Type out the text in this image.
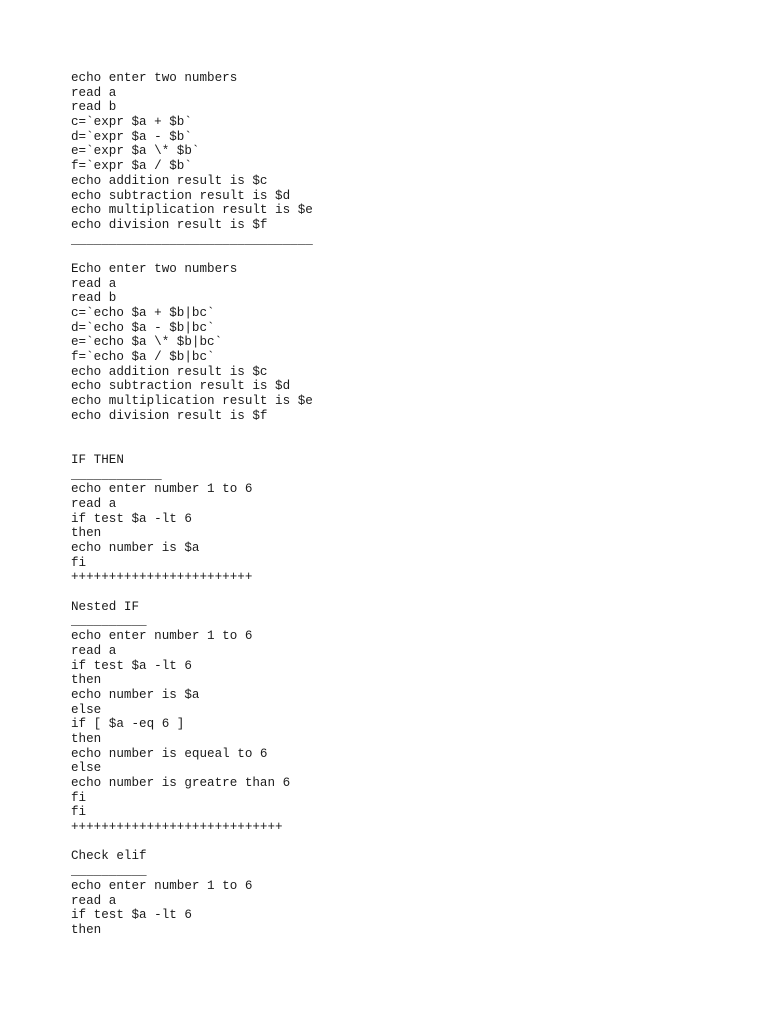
echo enter two numbers
read a
read b
c=`expr $a + $b`
d=`expr $a - $b`
e=`expr $a \* $b`
f=`expr $a / $b`
echo addition result is $c
echo subtraction result is $d
echo multiplication result is $e
echo division result is $f
________________________________
Echo enter two numbers
read a
read b
c=`echo $a + $b|bc`
d=`echo $a - $b|bc`
e=`echo $a \* $b|bc`
f=`echo $a / $b|bc`
echo addition result is $c
echo subtraction result is $d
echo multiplication result is $e
echo division result is $f
IF THEN
____________
echo enter number 1 to 6
read a
if test $a -lt 6
then
echo number is $a
fi
++++++++++++++++++++++++
Nested IF
__________
echo enter number 1 to 6
read a
if test $a -lt 6
then
echo number is $a
else
if [ $a -eq 6 ]
then
echo number is equeal to 6
else
echo number is greatre than 6
fi
fi
++++++++++++++++++++++++++++
Check elif
__________
echo enter number 1 to 6
read a
if test $a -lt 6
then
